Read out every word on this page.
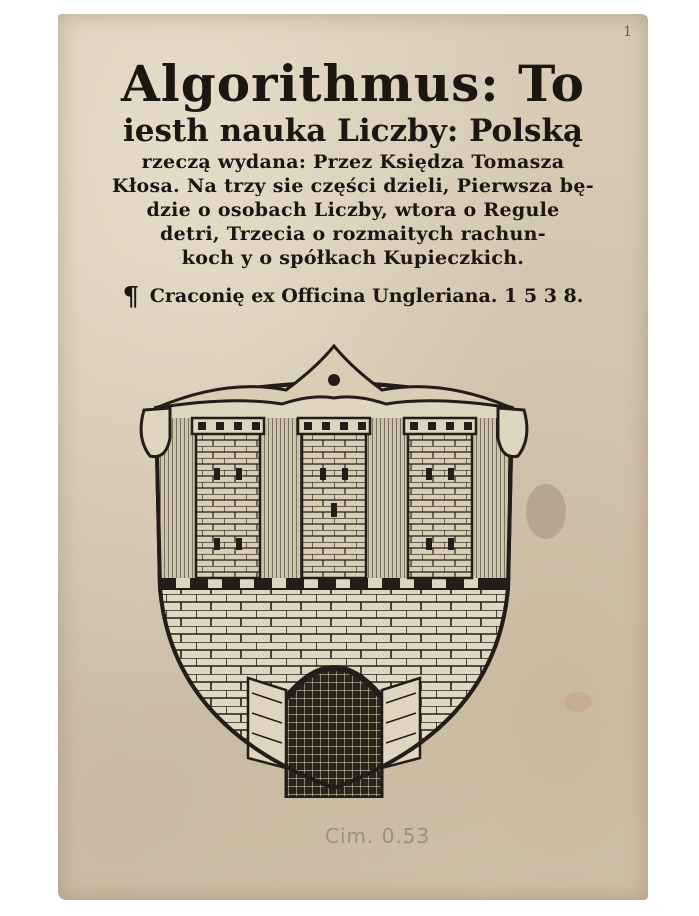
1

Algorithmus: To

iesth nauka Liczby: Polską

rzeczą wydana: Przez Księdza Tomasza

Kłosa. Na trzy sie części dzieli, Pierwsza bę-

dzie o osobach Liczby, wtora o Regule

detri, Trzecia o rozmaitych rachun-

koch y o spółkach Kupieczkich.

¶ Craconię ex Officina Ungleriana. 1 5 3 8.

Cim. 0.53
